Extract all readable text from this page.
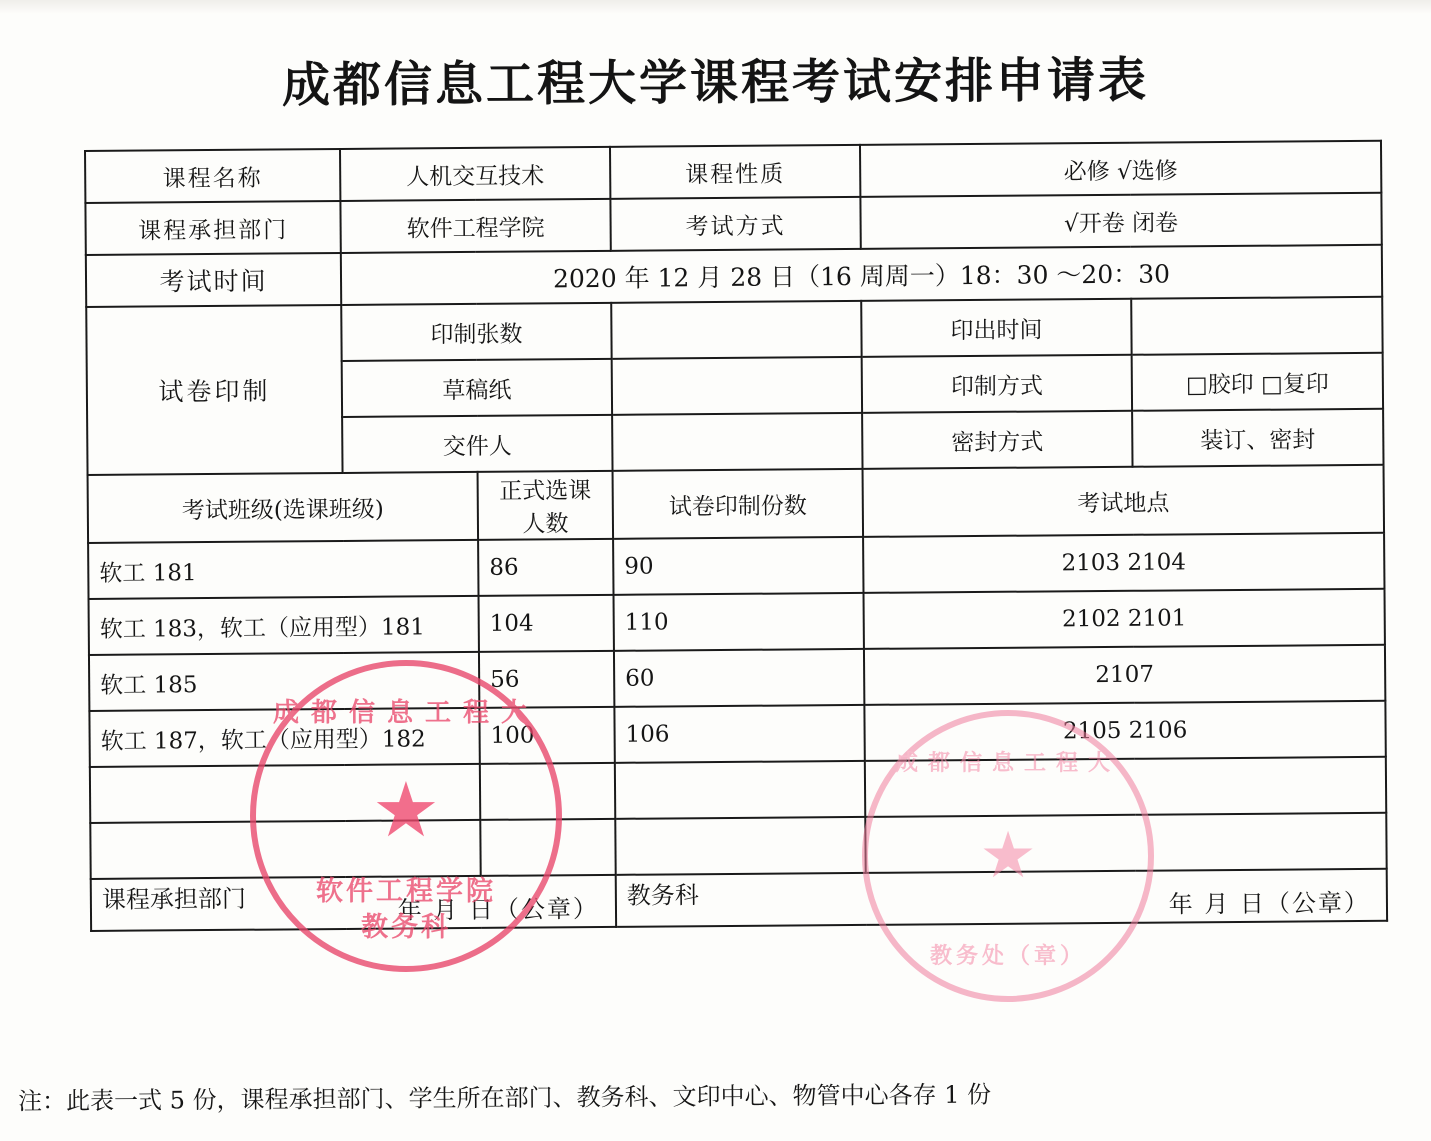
成都信息工程大学课程考试安排申请表
课程名称	人机交互技术		课程性质	必修 √选修	
课程承担部门	软件工程学院		考试方式	√开卷 闭卷	
考试时间	2020 年 12 月 28 日（16 周周一）18：30 〜20：30				
试卷印制	印制张数			印出时间	
	草稿纸			印制方式	□胶印 □复印
	交件人			密封方式	装订、密封
考试班级(选课班级)		正式选课人数	试卷印制份数	考试地点	
软工 181		86	90	2103 2104	
软工 183，软工（应用型）181		104	110	2102 2101	
软工 185		56	60	2107	
软工 187，软工（应用型）182		100	106	2105 2106	

课程承担部门	年 月 日（公章）	教务科	年 月 日（公章）
注：此表一式 5 份，课程承担部门、学生所在部门、教务科、文印中心、物管中心各存 1 份
成都信息工程大
★
软件工程学院
教务科
成都信息工程大
★
教务处（章）
